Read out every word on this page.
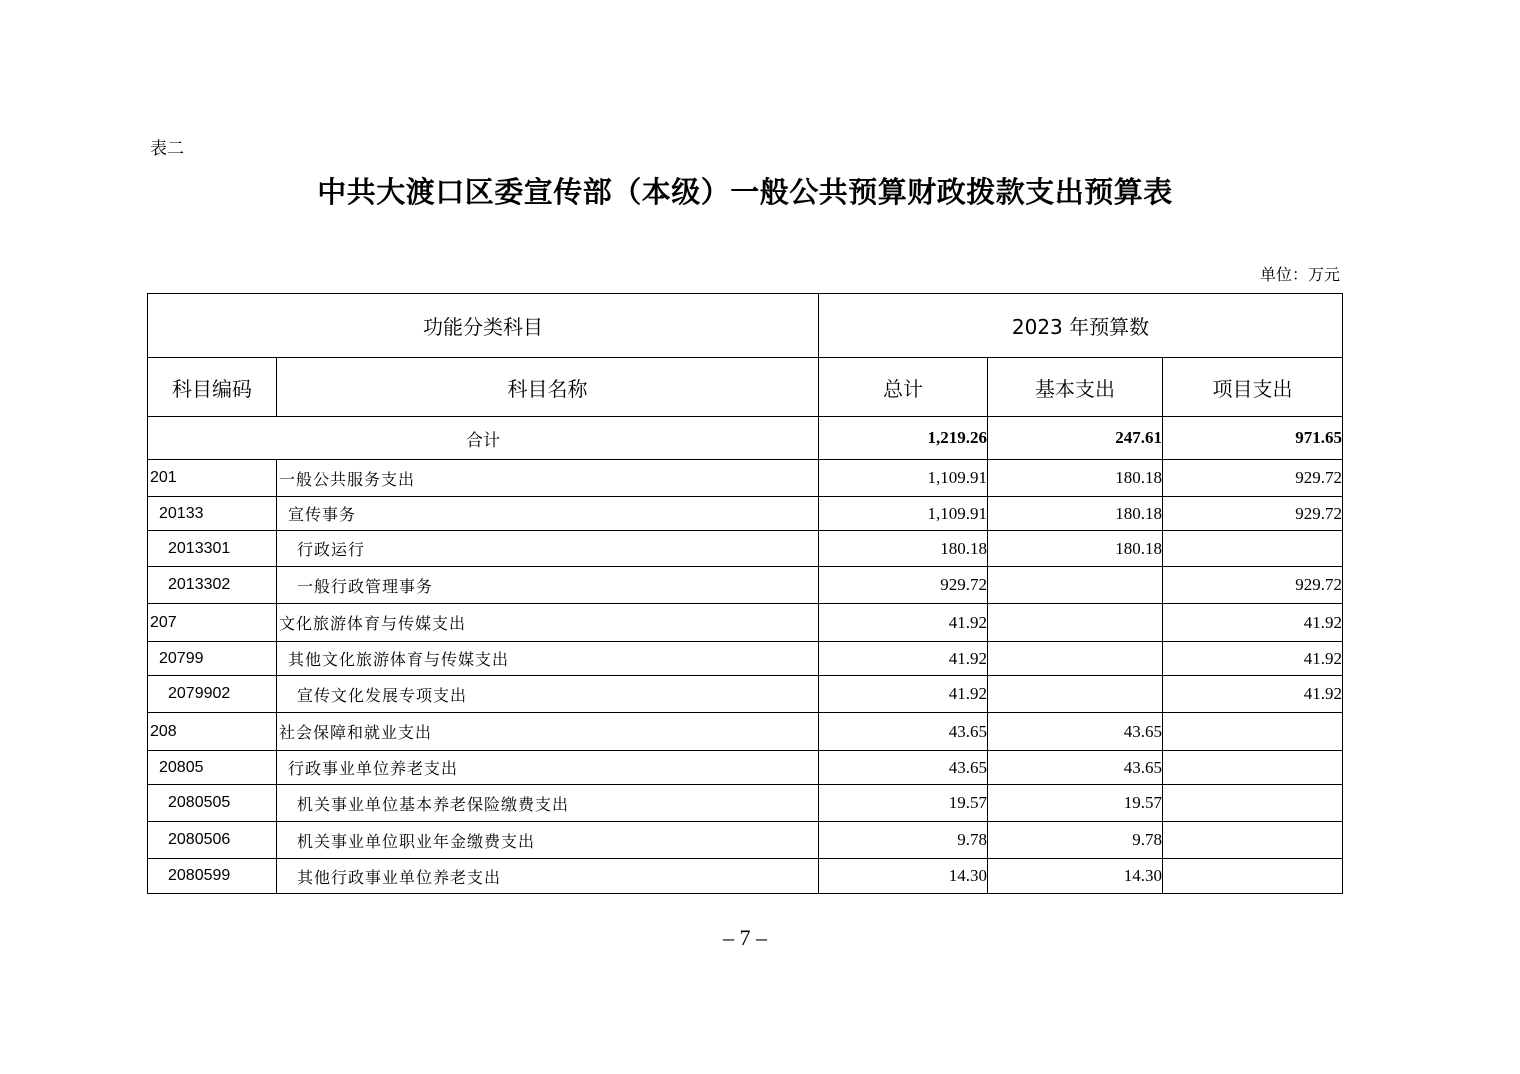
表二
中共大渡口区委宣传部（本级）一般公共预算财政拨款支出预算表
单位：万元
功能分类科目		2023 年预算数		
科目编码	科目名称	总计	基本支出	项目支出
合计		1,219.26	247.61	971.65
201	一般公共服务支出	1,109.91	180.18	929.72
20133	宣传事务	1,109.91	180.18	929.72
2013301	行政运行	180.18	180.18	
2013302	一般行政管理事务	929.72		929.72
207	文化旅游体育与传媒支出	41.92		41.92
20799	其他文化旅游体育与传媒支出	41.92		41.92
2079902	宣传文化发展专项支出	41.92		41.92
208	社会保障和就业支出	43.65	43.65	
20805	行政事业单位养老支出	43.65	43.65	
2080505	机关事业单位基本养老保险缴费支出	19.57	19.57	
2080506	机关事业单位职业年金缴费支出	9.78	9.78	
2080599	其他行政事业单位养老支出	14.30	14.30	
– 7 –
